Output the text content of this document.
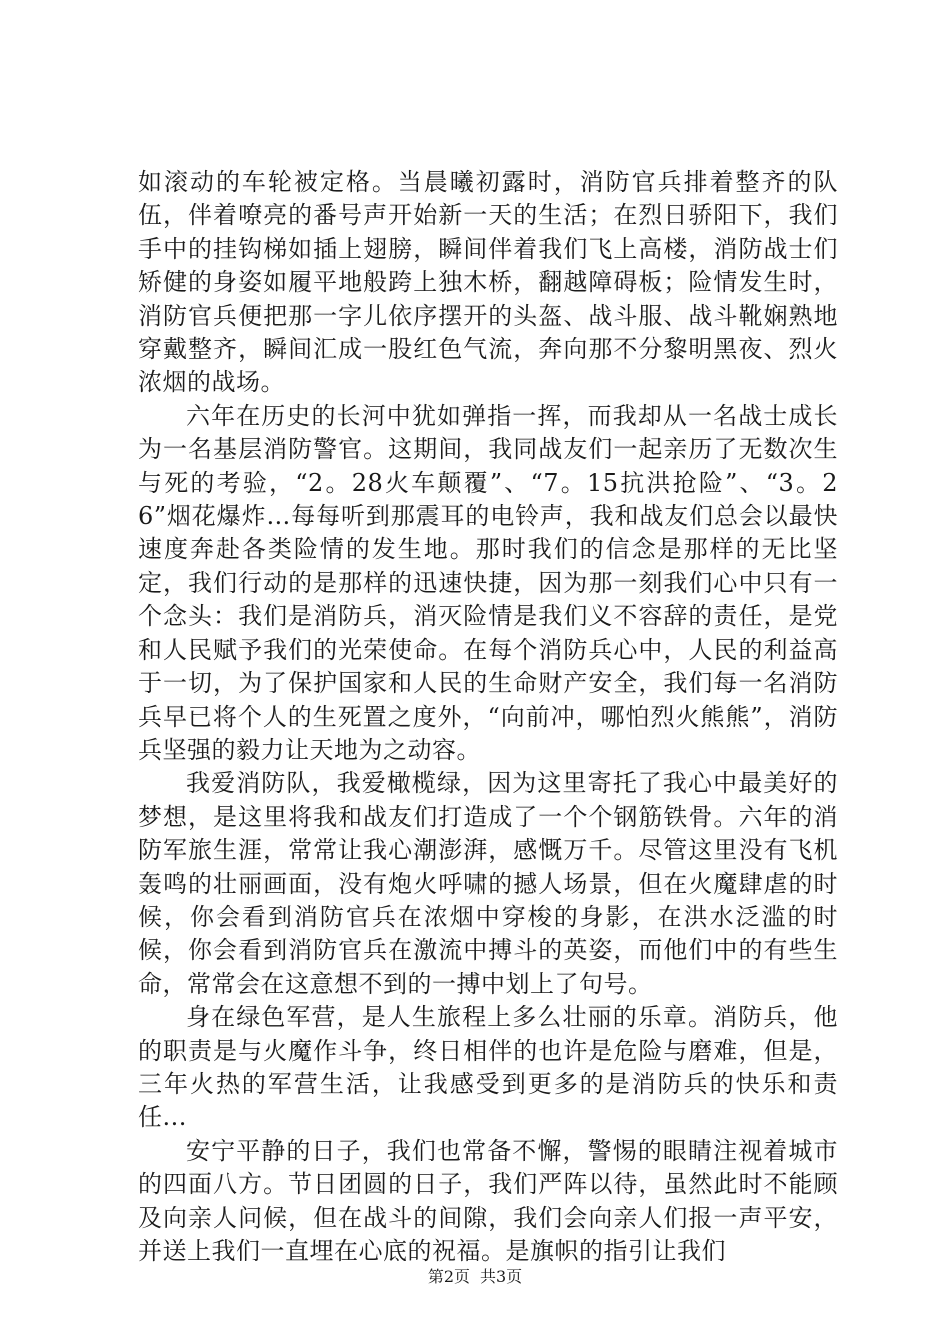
如滚动的车轮被定格。当晨曦初露时，消防官兵排着整齐的队伍，伴着嘹亮的番号声开始新一天的生活；在烈日骄阳下，我们手中的挂钩梯如插上翅膀，瞬间伴着我们飞上高楼，消防战士们矫健的身姿如履平地般跨上独木桥，翻越障碍板；险情发生时，消防官兵便把那一字儿依序摆开的头盔、战斗服、战斗靴娴熟地穿戴整齐，瞬间汇成一股红色气流，奔向那不分黎明黑夜、烈火浓烟的战场。

六年在历史的长河中犹如弹指一挥，而我却从一名战士成长为一名基层消防警官。这期间，我同战友们一起亲历了无数次生与死的考验，“2。28火车颠覆”、“7。15抗洪抢险”、“3。26”烟花爆炸…每每听到那震耳的电铃声，我和战友们总会以最快速度奔赴各类险情的发生地。那时我们的信念是那样的无比坚定，我们行动的是那样的迅速快捷，因为那一刻我们心中只有一个念头：我们是消防兵，消灭险情是我们义不容辞的责任，是党和人民赋予我们的光荣使命。在每个消防兵心中，人民的利益高于一切，为了保护国家和人民的生命财产安全，我们每一名消防兵早已将个人的生死置之度外，“向前冲，哪怕烈火熊熊”，消防兵坚强的毅力让天地为之动容。

我爱消防队，我爱橄榄绿，因为这里寄托了我心中最美好的梦想，是这里将我和战友们打造成了一个个钢筋铁骨。六年的消防军旅生涯，常常让我心潮澎湃，感慨万千。尽管这里没有飞机轰鸣的壮丽画面，没有炮火呼啸的撼人场景，但在火魔肆虐的时候，你会看到消防官兵在浓烟中穿梭的身影，在洪水泛滥的时候，你会看到消防官兵在激流中搏斗的英姿，而他们中的有些生命，常常会在这意想不到的一搏中划上了句号。

身在绿色军营，是人生旅程上多么壮丽的乐章。消防兵，他的职责是与火魔作斗争，终日相伴的也许是危险与磨难，但是，三年火热的军营生活，让我感受到更多的是消防兵的快乐和责任...

安宁平静的日子，我们也常备不懈，警惕的眼睛注视着城市的四面八方。节日团圆的日子，我们严阵以待，虽然此时不能顾及向亲人问候，但在战斗的间隙，我们会向亲人们报一声平安，并送上我们一直埋在心底的祝福。是旗帜的指引让我们

第2页 共3页
